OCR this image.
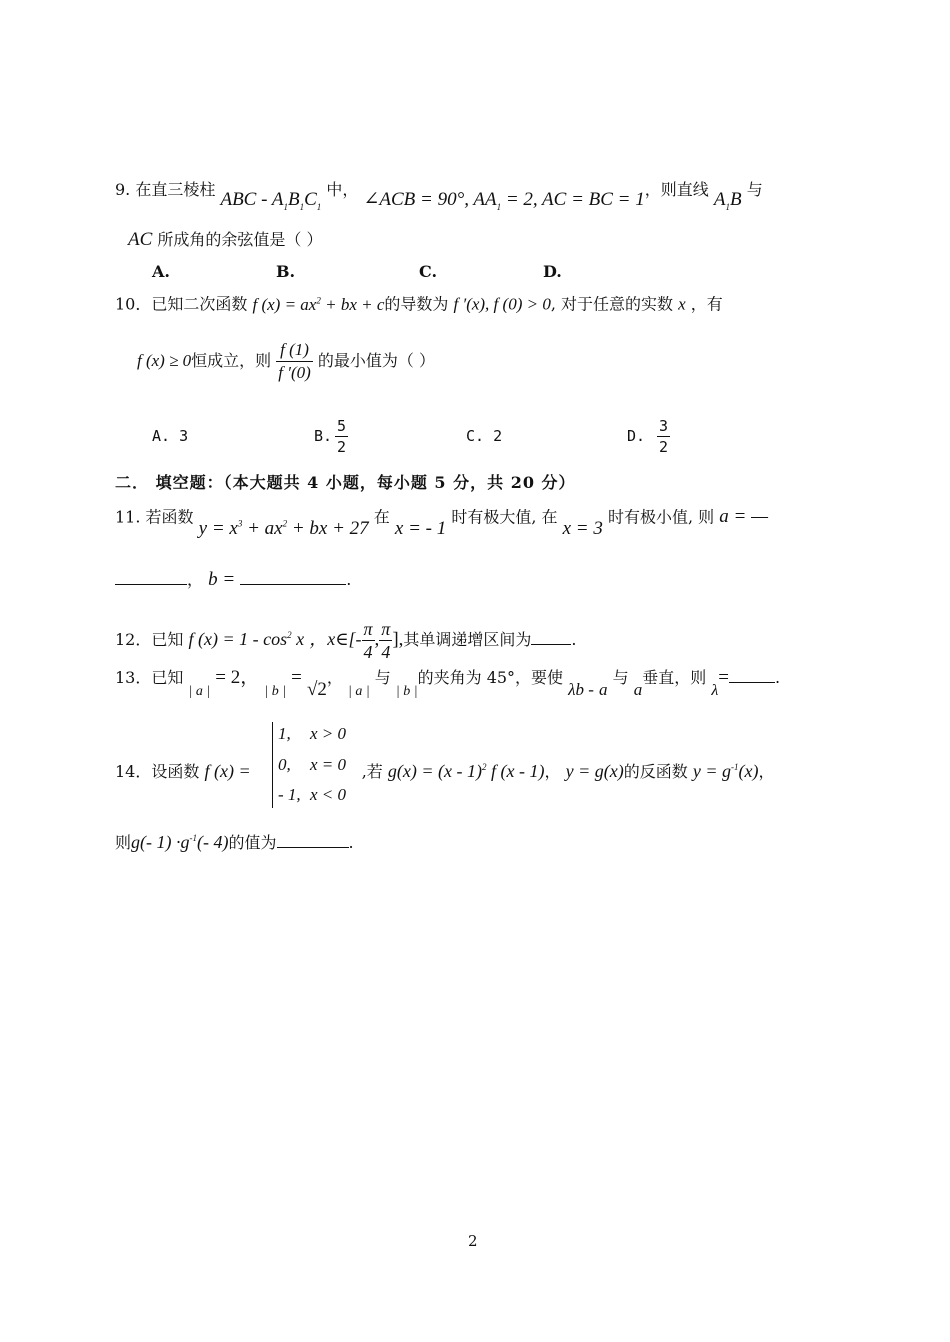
9. 在直三棱柱 ABC - $A_1B_1C_1$ 中， ∠ACB = 90°, $AA_1 = 2$, AC = BC = 1，则直线 $A_1B$ 与
AC 所成角的余弦值是（ ）
A.	B.	C.	D.
10．已知二次函数 f $(x) = ax^2$ + bx + c的导数为 f ′(x), f (0) > 0, 对于任意的实数 x ，有
f (x) ≥ 0恒成立，则 $\frac{f (1)}{f '(0)}$ 的最小值为（ ）
A. 3	B. $\frac{5}{2}$	C. 2	D. $\frac{3}{2}$
二． 填空题：（本大题共 4 小题，每小题 5 分，共 20 分）
11. 若函数 $y = x^3 + ax^2$ + bx + 27 在 x = - 1 时有极大值, 在 x = 3 时有极小值, 则 a = —
， b =	.
12．已知 f $(x) = 1 - \cos^2 x$ ，x∈[- $\frac{\pi}{4}$ , $\frac{\pi}{4}$ ],其单调递增区间为	.
13．已知 | a | = 2， | b | = √2， | a | 与 | b |的夹角为 45°，要使 λb - a 与 a垂直，则 λ=	.
1, x > 0
0, x = 0
- 1, x < 0
14．设函数 f (x) =	,若 g(x) = (x - 1)$^2$ f (x - 1)， y = g(x)的反函数 $y = g^{-1}(x)$，
则g(- $1) \cdot g^{-1}(-$ 4)的值为	.
2
